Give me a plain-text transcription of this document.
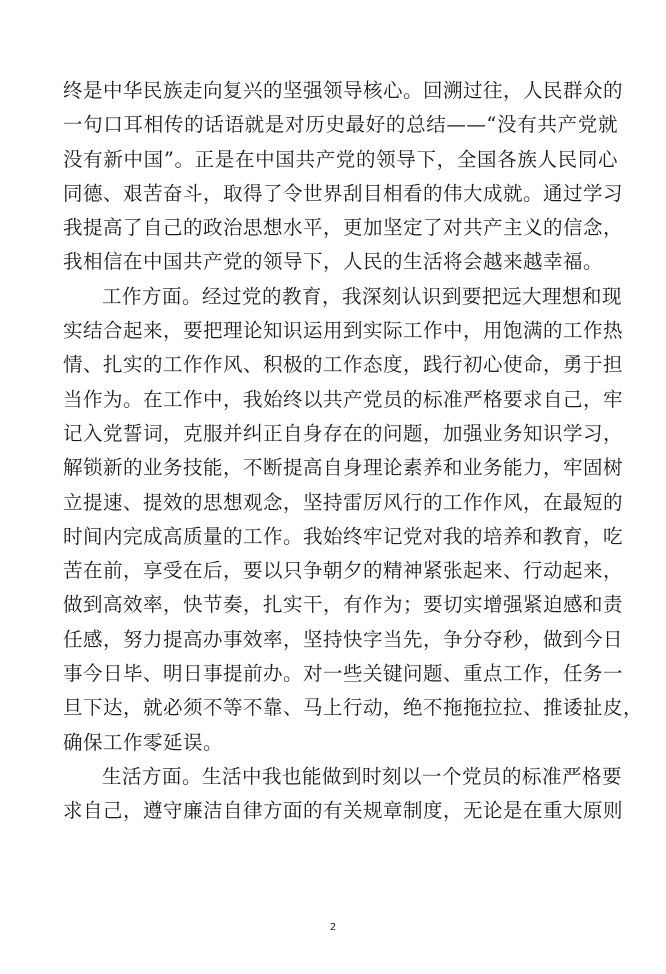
终是中华民族走向复兴的坚强领导核心。回溯过往，人民群众的
一句口耳相传的话语就是对历史最好的总结——“没有共产党就
没有新中国”。正是在中国共产党的领导下，全国各族人民同心
同德、艰苦奋斗，取得了令世界刮目相看的伟大成就。通过学习
我提高了自己的政治思想水平，更加坚定了对共产主义的信念，
我相信在中国共产党的领导下，人民的生活将会越来越幸福。
工作方面。经过党的教育，我深刻认识到要把远大理想和现
实结合起来，要把理论知识运用到实际工作中，用饱满的工作热
情、扎实的工作作风、积极的工作态度，践行初心使命，勇于担
当作为。在工作中，我始终以共产党员的标准严格要求自己，牢
记入党誓词，克服并纠正自身存在的问题，加强业务知识学习，
解锁新的业务技能，不断提高自身理论素养和业务能力，牢固树
立提速、提效的思想观念，坚持雷厉风行的工作作风，在最短的
时间内完成高质量的工作。我始终牢记党对我的培养和教育，吃
苦在前，享受在后，要以只争朝夕的精神紧张起来、行动起来，
做到高效率，快节奏，扎实干，有作为；要切实增强紧迫感和责
任感，努力提高办事效率，坚持快字当先，争分夺秒，做到今日
事今日毕、明日事提前办。对一些关键问题、重点工作，任务一
旦下达，就必须不等不靠、马上行动，绝不拖拖拉拉、推诿扯皮，
确保工作零延误。
生活方面。生活中我也能做到时刻以一个党员的标准严格要
求自己，遵守廉洁自律方面的有关规章制度，无论是在重大原则
2
